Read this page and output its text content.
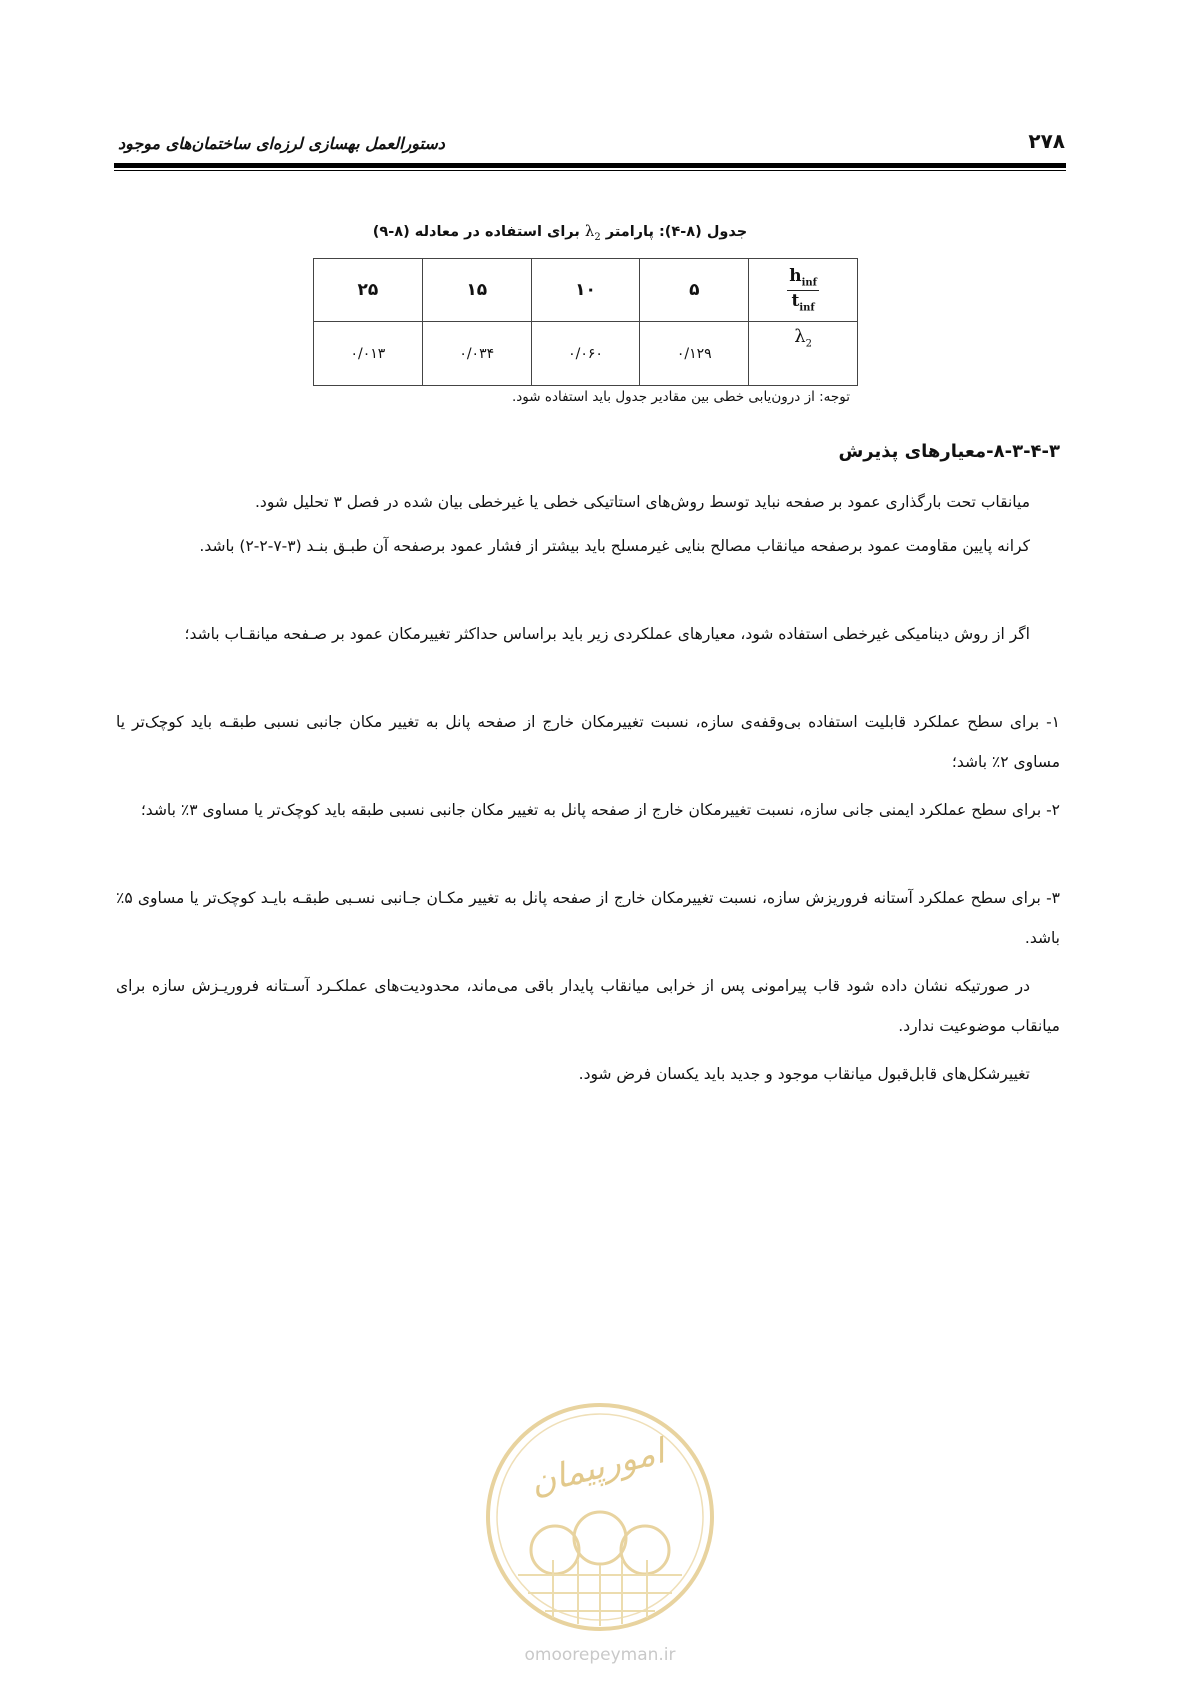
۲۷۸
دستورالعمل بهسازی لرزه‌ای ساختمان‌های موجود
جدول (۸-۴): پارامتر $\lambda_2$ برای استفاده در معادله (۸-۹)
$\frac{h_{inf}}{t_{inf}}$	۵	۱۰	۱۵	۲۵
$\lambda_2$	۰/۱۲۹	۰/۰۶۰	۰/۰۳۴	۰/۰۱۳
توجه: از درون‌یابی خطی بین مقادیر جدول باید استفاده شود.
۸-۳-۴-۳-معیارهای پذیرش

میانقاب تحت بارگذاری عمود بر صفحه نباید توسط روش‌های استاتیکی خطی یا غیرخطی بیان شده در فصل ۳ تحلیل شود.

کرانه پایین مقاومت عمود برصفحه میانقاب مصالح بنایی غیرمسلح باید بیشتر از فشار عمود برصفحه آن طبـق بنـد (۳-۷-۲-۲) باشد.

اگر از روش دینامیکی غیرخطی استفاده شود، معیارهای عملکردی زیر باید براساس حداکثر تغییرمکان عمود بر صـفحه میانقـاب باشد؛

۱- برای سطح عملکرد قابلیت استفاده بی‌وقفه‌ی سازه، نسبت تغییرمکان خارج از صفحه پانل به تغییر مکان جانبی نسبی طبقـه باید کوچک‌تر یا مساوی ۲٪ باشد؛

۲- برای سطح عملکرد ایمنی جانی سازه، نسبت تغییرمکان خارج از صفحه پانل به تغییر مکان جانبی نسبی طبقه باید کوچک‌تر یا مساوی ۳٪ باشد؛

۳- برای سطح عملکرد آستانه فروریزش سازه، نسبت تغییرمکان خارج از صفحه پانل به تغییر مکـان جـانبی نسـبی طبقـه بایـد کوچک‌تر یا مساوی ۵٪ باشد.

در صورتیکه نشان داده شود قاب پیرامونی پس از خرابی میانقاب پایدار باقی می‌ماند، محدودیت‌های عملکـرد آسـتانه فروریـزش سازه برای میانقاب موضوعیت ندارد.

تغییرشکل‌های قابل‌قبول میانقاب موجود و جدید باید یکسان فرض شود.

امورپیمان
omoorepeyman.ir
